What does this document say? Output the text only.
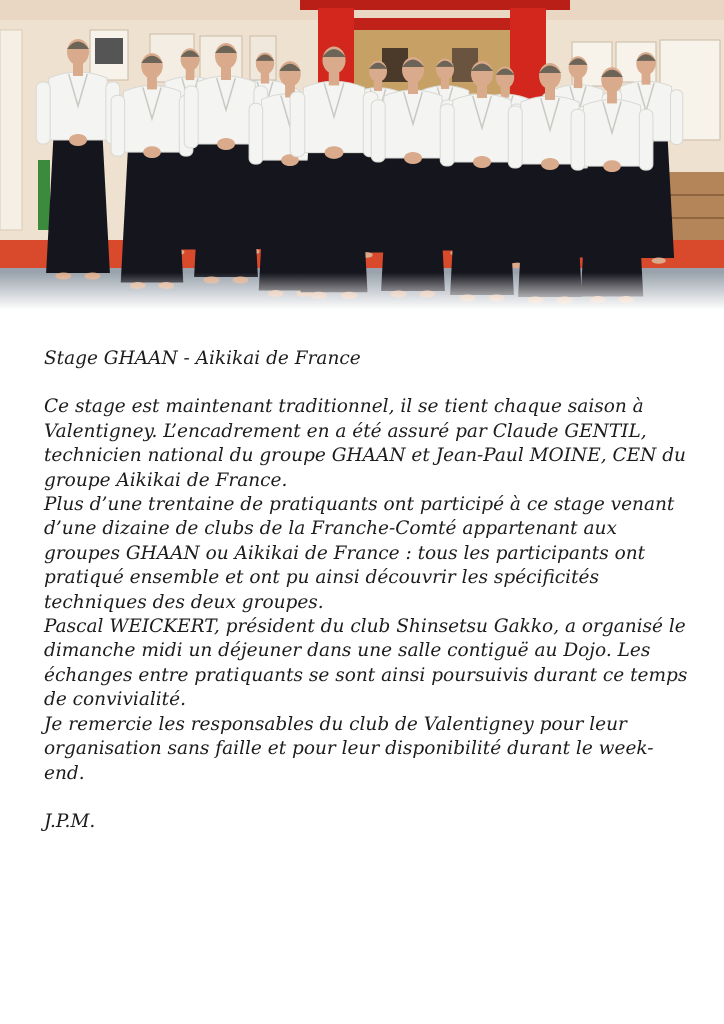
Stage GHAAN - Aikikai de France

Ce stage est maintenant traditionnel, il se tient chaque saison à Valentigney. L’encadrement en a été assuré par Claude GENTIL, technicien national du groupe GHAAN et Jean-Paul MOINE, CEN du groupe Aikikai de France.

Plus d’une trentaine de pratiquants ont participé à ce stage venant d’une dizaine de clubs de la Franche-Comté appartenant aux groupes GHAAN ou Aikikai de France : tous les participants ont pratiqué ensemble et ont pu ainsi découvrir les spécificités techniques des deux groupes.

Pascal WEICKERT, président du club Shinsetsu Gakko, a organisé le dimanche midi un déjeuner dans une salle contiguë au Dojo. Les échanges entre pratiquants se sont ainsi poursuivis durant ce temps de convivialité.

Je remercie les responsables du club de Valentigney pour leur organisation sans faille et pour leur disponibilité durant le week-end.

J.P.M.
